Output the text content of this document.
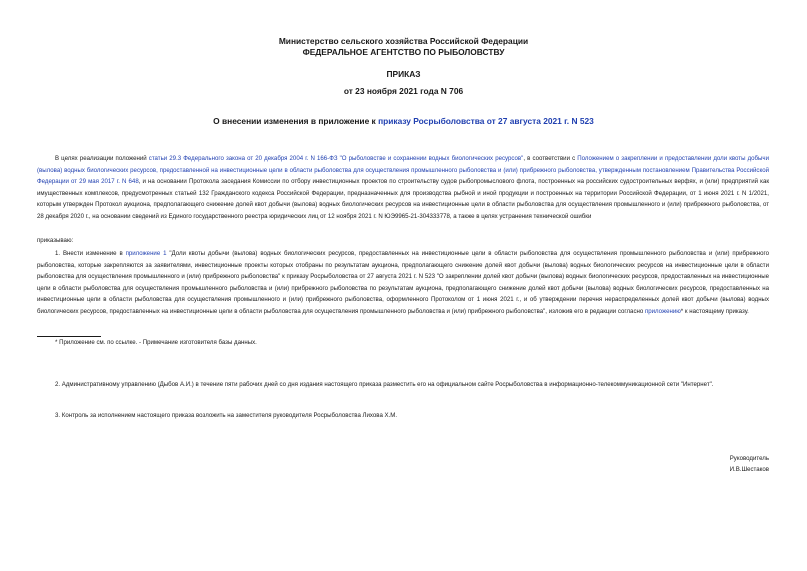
Министерство сельского хозяйства Российской Федерации
ФЕДЕРАЛЬНОЕ АГЕНТСТВО ПО РЫБОЛОВСТВУ
ПРИКАЗ
от 23 ноября 2021 года N 706
О внесении изменения в приложение к приказу Росрыболовства от 27 августа 2021 г. N 523
В целях реализации положений статьи 29.3 Федерального закона от 20 декабря 2004 г. N 166-ФЗ "О рыболовстве и сохранении водных биологических ресурсов", в соответствии с Положением о закреплении и предоставлении доли квоты добычи (вылова) водных биологических ресурсов, предоставленной на инвестиционные цели в области рыболовства для осуществления промышленного рыболовства и (или) прибрежного рыболовства, утвержденным постановлением Правительства Российской Федерации от 29 мая 2017 г. N 648, и на основании Протокола заседания Комиссии по отбору инвестиционных проектов по строительству судов рыбопромыслового флота, построенных на российских судостроительных верфях, и (или) предприятий как имущественных комплексов, предусмотренных статьей 132 Гражданского кодекса Российской Федерации, предназначенных для производства рыбной и иной продукции и построенных на территории Российской Федерации, от 1 июня 2021 г. N 1/2021, которым утвержден Протокол аукциона, предполагающего снижение долей квот добычи (вылова) водных биологических ресурсов на инвестиционные цели в области рыболовства для осуществления промышленного и (или) прибрежного рыболовства, от 28 декабря 2020 г., на основании сведений из Единого государственного реестра юридических лиц от 12 ноября 2021 г. N ЮЭ9965-21-304333778, а также в целях устранения технической ошибки
приказываю:
1. Внести изменение в приложение 1 "Доли квоты добычи (вылова) водных биологических ресурсов, предоставленных на инвестиционные цели в области рыболовства для осуществления промышленного рыболовства и (или) прибрежного рыболовства, которые закрепляются за заявителями, инвестиционные проекты которых отобраны по результатам аукциона, предполагающего снижение долей квот добычи (вылова) водных биологических ресурсов на инвестиционные цели в области рыболовства для осуществления промышленного и (или) прибрежного рыболовства" к приказу Росрыболовства от 27 августа 2021 г. N 523 "О закреплении долей квот добычи (вылова) водных биологических ресурсов, предоставленных на инвестиционные цели в области рыболовства для осуществления промышленного рыболовства и (или) прибрежного рыболовства по результатам аукциона, предполагающего снижение долей квот добычи (вылова) водных биологических ресурсов, предоставленных на инвестиционные цели в области рыболовства для осуществления промышленного и (или) прибрежного рыболовства, оформленного Протоколом от 1 июня 2021 г., и об утверждении перечня нераспределенных долей квот добычи (вылова) водных биологических ресурсов, предоставленных на инвестиционные цели в области рыболовства для осуществления промышленного рыболовства и (или) прибрежного рыболовства", изложив его в редакции согласно приложению* к настоящему приказу.
* Приложение см. по ссылке. - Примечание изготовителя базы данных.
2. Административному управлению (Дыбов А.И.) в течение пяти рабочих дней со дня издания настоящего приказа разместить его на официальном сайте Росрыболовства в информационно-телекоммуникационной сети "Интернет".
3. Контроль за исполнением настоящего приказа возложить на заместителя руководителя Росрыболовства Лихова Х.М.
Руководитель
И.В.Шестаков
